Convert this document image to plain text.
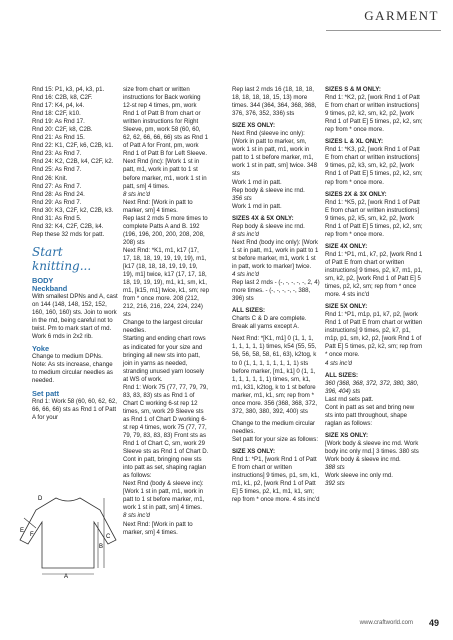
GARMENT

Rnd 15: P1, k3, p4, k3, p1.

Rnd 16: C2B, k8, C2F.

Rnd 17: K4, p4, k4.

Rnd 18: C2F, k10.

Rnd 19: As Rnd 17.

Rnd 20: C2F, k8, C2B.

Rnd 21: As Rnd 15.

Rnd 22: K1, C2F, k6, C2B, k1.

Rnd 23: As Rnd 7.

Rnd 24: K2, C2B, k4, C2F, k2.

Rnd 25: As Rnd 7.

Rnd 26: Knit.

Rnd 27: As Rnd 7.

Rnd 28: As Rnd 24.

Rnd 29: As Rnd 7.

Rnd 30: K3, C2F, k2, C2B, k3.

Rnd 31: As Rnd 5.

Rnd 32: K4, C2F, C2B, k4.

Rep these 32 rnds for patt.

Start knitting...

BODY

Neckband

With smallest DPNs and A, cast on 144 (148, 148, 152, 152, 160, 160, 160) sts. Join to work in the rnd, being careful not to twist. Pm to mark start of rnd.

Work 6 rnds in 2x2 rib.

Yoke

Change to medium DPNs.

Note: As sts increase, change to medium circular needles as needed.

Set patt

Rnd 1: Work 58 (60, 60, 62, 62, 66, 66, 66) sts as Rnd 1 of Patt A for your

size from chart or written instructions for Back working 12-st rep 4 times, pm, work Rnd 1 of Patt B from chart or written instructions for Right Sleeve, pm, work 58 (60, 60, 62, 62, 66, 66, 66) sts as Rnd 1 of Patt A for Front, pm, work Rnd 1 of Patt B for Left Sleeve.

Next Rnd (inc): [Work 1 st in patt, m1, work in patt to 1 st before marker, m1, work 1 st in patt, sm] 4 times.

8 sts inc'd

Next Rnd: [Work in patt to marker, sm] 4 times.

Rep last 2 rnds 5 more times to complete Patts A and B. 192 (196, 196, 200, 200, 208, 208, 208) sts

Next Rnd: *K1, m1, k17 (17, 17, 18, 18, 19, 19, 19, 19), m1, [k17 (18, 18, 18, 19, 19, 19, 19), m1] twice, k17 (17, 17, 18, 18, 19, 19, 19), m1, k1, sm, k1, m1, [k15, m1] twice, k1, sm; rep from * once more. 208 (212, 212, 216, 216, 224, 224, 224) sts

Change to the largest circular needles.

Starting and ending chart rows as indicated for your size and bringing all new sts into patt, join in yarns as needed, stranding unused yarn loosely at WS of work.

Rnd 1: Work 75 (77, 77, 79, 79, 83, 83, 83) sts as Rnd 1 of Chart C working 6-st rep 12 times, sm, work 29 Sleeve sts as Rnd 1 of Chart D working 6-st rep 4 times, work 75 (77, 77, 79, 79, 83, 83, 83) Front sts as Rnd 1 of Chart C, sm, work 29 Sleeve sts as Rnd 1 of Chart D.

Cont in patt, bringing new sts into patt as set, shaping raglan as follows:

Next Rnd (body & sleeve inc): [Work 1 st in patt, m1, work in patt to 1 st before marker, m1, work 1 st in patt, sm] 4 times.

8 sts inc'd

Next Rnd: [Work in patt to marker, sm] 4 times.

Rep last 2 rnds 16 (18, 18, 18, 18, 18, 18, 18, 15, 13) more times. 344 (364, 364, 368, 368, 376, 376, 352, 336) sts

SIZE XS ONLY:

Next Rnd (sleeve inc only): [Work in patt to marker, sm, work 1 st in patt, m1, work in patt to 1 st before marker, m1, work 1 st in patt, sm] twice. 348 sts

Work 1 rnd in patt.

Rep body & sleeve inc rnd.

356 sts

Work 1 rnd in patt.

SIZES 4X & 5X ONLY:

Rep body & sleeve inc rnd.

8 sts inc'd

Next Rnd (body inc only): [Work 1 st in patt, m1, work in patt to 1 st before marker, m1, work 1 st in patt, work to marker] twice.

4 sts inc'd

Rep last 2 rnds - (-, -, -, -, -, 2, 4) more times. - (-, -, -, -, -, 388, 396) sts

ALL SIZES:

Charts C & D are complete. Break all yarns except A.

Next Rnd: *[K1, m1] 0 (1, 1, 1, 1, 1, 1, 1, 1) times, k54 (55, 55, 56, 56, 58, 58, 61, 63), k2tog, k to 0 (1, 1, 1, 1, 1, 1, 1, 1) sts before marker, [m1, k1] 0 (1, 1, 1, 1, 1, 1, 1, 1) times, sm, k1, m1, k31, k2tog, k to 1 st before marker, m1, k1, sm; rep from * once more. 356 (368, 368, 372, 372, 380, 380, 392, 400) sts

Change to the medium circular needles.

Set patt for your size as follows:

SIZE XS ONLY:

Rnd 1: *P1, [work Rnd 1 of Patt E from chart or written instructions] 9 times, p1, sm, k1, m1, k1, p2, [work Rnd 1 of Patt E] 5 times, p2, k1, m1, k1, sm; rep from * once more. 4 sts inc'd

SIZES S & M ONLY:

Rnd 1: *K2, p2, [work Rnd 1 of Patt E from chart or written instructions] 9 times, p2, k2, sm, k2, p2, [work Rnd 1 of Patt E] 5 times, p2, k2, sm; rep from * once more.

SIZES L & XL ONLY:

Rnd 1: *K3, p2, [work Rnd 1 of Patt E from chart or written instructions] 9 times, p2, k3, sm, k2, p2, [work Rnd 1 of Patt E] 5 times, p2, k2, sm; rep from * once more.

SIZES 2X & 3X ONLY:

Rnd 1: *K5, p2, [work Rnd 1 of Patt E from chart or written instructions] 9 times, p2, k5, sm, k2, p2, [work Rnd 1 of Patt E] 5 times, p2, k2, sm; rep from * once more.

SIZE 4X ONLY:

Rnd 1: *P1, m1, k7, p2, [work Rnd 1 of Patt E from chart or written instructions] 9 times, p2, k7, m1, p1, sm, k2, p2, [work Rnd 1 of Patt E] 5 times, p2, k2, sm; rep from * once more. 4 sts inc'd

SIZE 5X ONLY:

Rnd 1: *P1, m1p, p1, k7, p2, [work Rnd 1 of Patt E from chart or written instructions] 9 times, p2, k7, p1, m1p, p1, sm, k2, p2, [work Rnd 1 of Patt E] 5 times, p2, k2, sm; rep from * once more.

4 sts inc'd

ALL SIZES:

360 (368, 368, 372, 372, 380, 380, 396, 404) sts

Last rnd sets patt.

Cont in patt as set and bring new sts into patt throughout, shape raglan as follows:

SIZE XS ONLY:

[Work body & sleeve inc rnd. Work body inc only rnd.] 3 times. 380 sts

Work body & sleeve inc rnd.

388 sts

Work sleeve inc only rnd.

392 sts

A
B
C
D
E
F
www.craftworld.com 49
